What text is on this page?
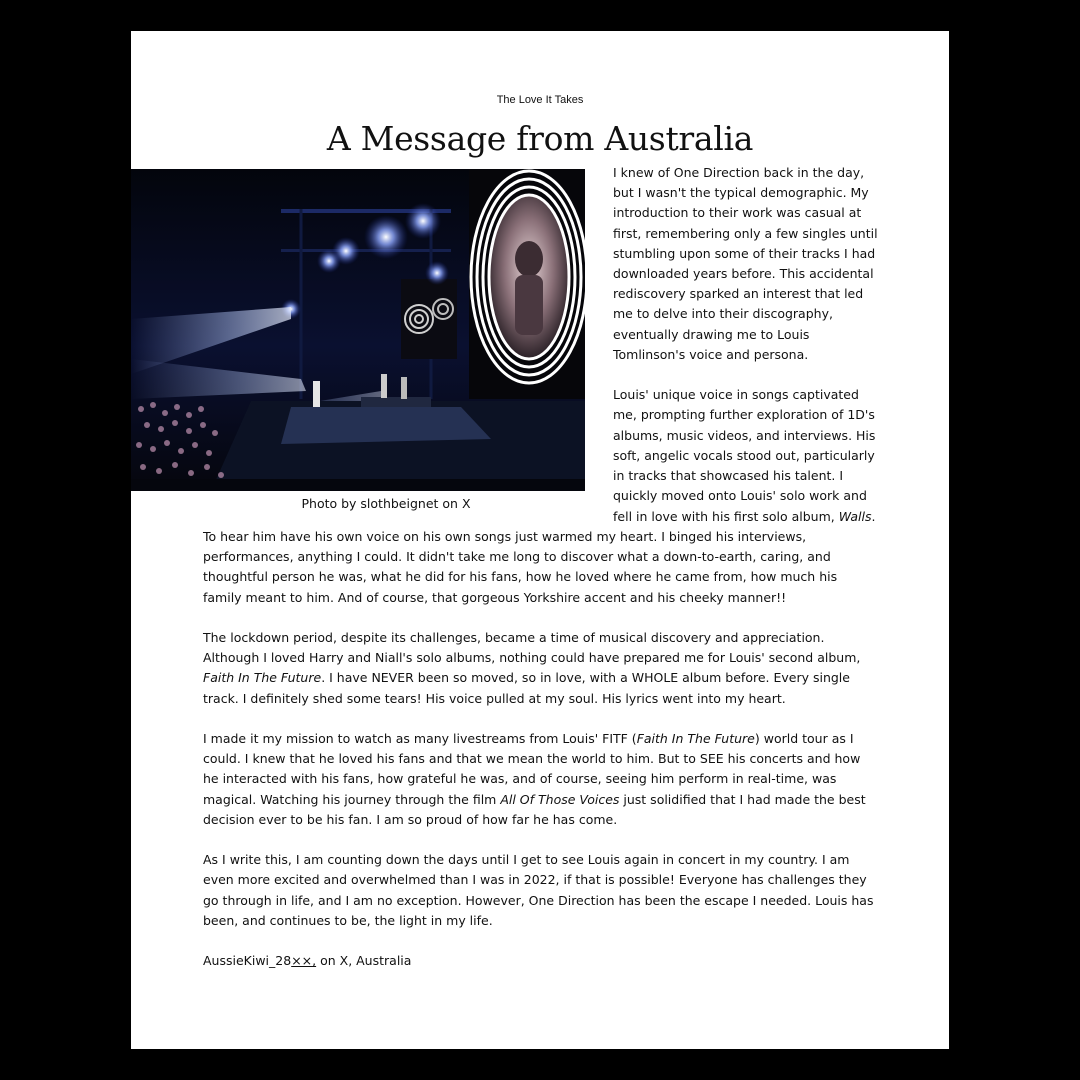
The Love It Takes
A Message from Australia
Photo by slothbeignet on X

I knew of One Direction back in the day, but I wasn't the typical demographic. My introduction to their work was casual at first, remembering only a few singles until stumbling upon some of their tracks I had downloaded years before. This accidental rediscovery sparked an interest that led me to delve into their discography, eventually drawing me to Louis Tomlinson's voice and persona.

Louis' unique voice in songs captivated me, prompting further exploration of 1D's albums, music videos, and interviews. His soft, angelic vocals stood out, particularly in tracks that showcased his talent. I quickly moved onto Louis' solo work and

fell in love with his first solo album, Walls.

To hear him have his own voice on his own songs just warmed my heart. I binged his interviews, performances, anything I could. It didn't take me long to discover what a down-to-earth, caring, and thoughtful person he was, what he did for his fans, how he loved where he came from, how much his family meant to him. And of course, that gorgeous Yorkshire accent and his cheeky manner!!

The lockdown period, despite its challenges, became a time of musical discovery and appreciation. Although I loved Harry and Niall's solo albums, nothing could have prepared me for Louis' second album, Faith In The Future. I have NEVER been so moved, so in love, with a WHOLE album before. Every single track. I definitely shed some tears! His voice pulled at my soul. His lyrics went into my heart.

I made it my mission to watch as many livestreams from Louis' FITF (Faith In The Future) world tour as I could. I knew that he loved his fans and that we mean the world to him. But to SEE his concerts and how he interacted with his fans, how grateful he was, and of course, seeing him perform in real-time, was magical. Watching his journey through the film All Of Those Voices just solidified that I had made the best decision ever to be his fan. I am so proud of how far he has come.

As I write this, I am counting down the days until I get to see Louis again in concert in my country. I am even more excited and overwhelmed than I was in 2022, if that is possible! Everyone has challenges they go through in life, and I am no exception. However, One Direction has been the escape I needed. Louis has been, and continues to be, the light in my life.

AussieKiwi_28××, on X, Australia
